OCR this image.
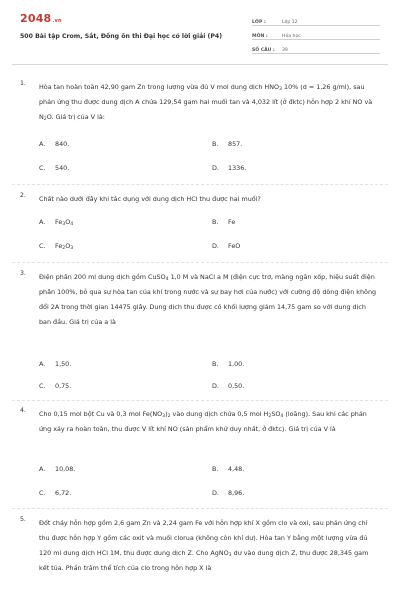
2048.vn
500 Bài tập Crom, Sắt, Đồng ôn thi Đại học có lời giải (P4)
LỚP :	Lớp 12
MÔN :	Hóa học
SỐ CÂU :	39
1.	Hòa tan hoàn toàn 42,90 gam Zn trong lượng vừa đủ V mol dung dịch $HNO_3$ 10% (d = 1,26 g/ml), sau phản ứng thu được dung dịch A chứa 129,54 gam hai muối tan và 4,032 lít (ở đktc) hỗn hợp 2 khí NO và $N_2O$. Giá trị của V là:
A. 840.	B. 857.
C. 540.	D. 1336.
2.	Chất nào dưới đây khi tác dụng với dung dịch HCl thu được hai muối?
A. $Fe_3O_4$	B. Fe
C. $Fe_2O_3$	D. FeO
3.	Điện phân 200 ml dung dịch gồm CuSO$_4$ 1,0 M và NaCl a M (điện cực trơ, màng ngăn xốp, hiệu suất điện phân 100%, bỏ qua sự hòa tan của khí trong nước và sự bay hơi của nước) với cường độ dòng điện không đổi 2A trong thời gian 14475 giây. Dung dịch thu được có khối lượng giảm 14,75 gam so với dung dịch ban đầu. Giá trị của a là
A. 1,50.	B. 1,00.
C. 0,75.	D. 0,50.
4.	Cho 0,15 mol bột Cu và 0,3 mol $Fe(NO_3)_2$ vào dung dịch chứa 0,5 mol $H_2SO_4$ (loãng). Sau khi các phản ứng xảy ra hoàn toàn, thu được V lít khí NO (sản phẩm khử duy nhất, ở đktc). Giá trị của V là
A. 10,08.	B. 4,48.
C. 6,72.	D. 8,96.
5.	Đốt cháy hỗn hợp gồm 2,6 gam Zn và 2,24 gam Fe với hỗn hợp khí X gồm clo và oxi, sau phản ứng chỉ thu được hỗn hợp Y gồm các oxit và muối clorua (không còn khí dư). Hòa tan Y bằng một lượng vừa đủ 120 ml dung dịch HCl 1M, thu được dung dịch Z. Cho AgNO$_3$ dư vào dung dịch Z, thu được 28,345 gam kết tủa. Phần trăm thể tích của clo trong hỗn hợp X là
